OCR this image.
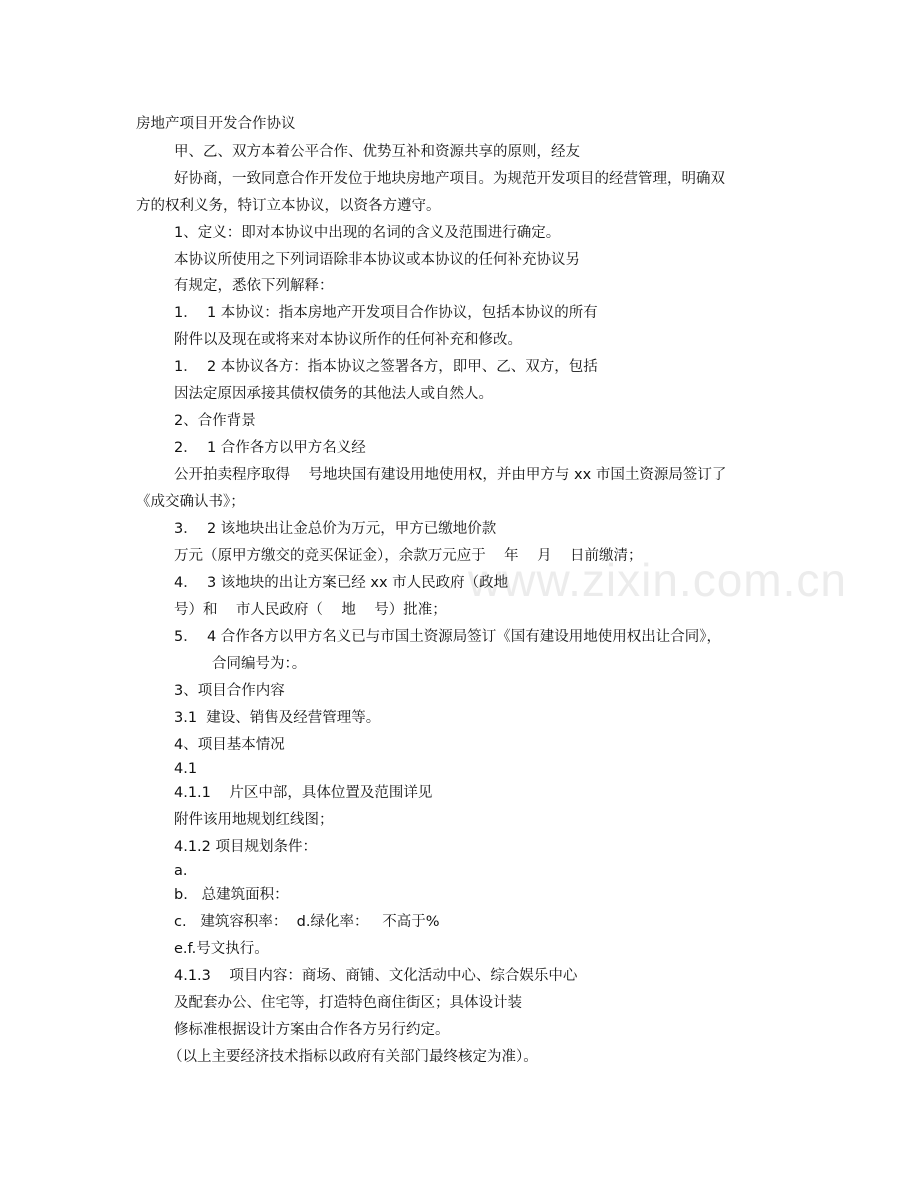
www.zixin.com.cn
房地产项目开发合作协议
甲、乙、双方本着公平合作、优势互补和资源共享的原则，经友
好协商，一致同意合作开发位于地块房地产项目。为规范开发项目的经营管理，明确双
方的权利义务，特订立本协议，以资各方遵守。
1、定义：即对本协议中出现的名词的含义及范围进行确定。
本协议所使用之下列词语除非本协议或本协议的任何补充协议另
有规定，悉依下列解释：
1．  1 本协议：指本房地产开发项目合作协议，包括本协议的所有
附件以及现在或将来对本协议所作的任何补充和修改。
1．  2 本协议各方：指本协议之签署各方，即甲、乙、双方，包括
因法定原因承接其债权债务的其他法人或自然人。
2、合作背景
2．  1 合作各方以甲方名义经
公开拍卖程序取得    号地块国有建设用地使用权，并由甲方与 xx 市国土资源局签订了
《成交确认书》；
3．  2 该地块出让金总价为万元，甲方已缴地价款
万元（原甲方缴交的竞买保证金），余款万元应于    年    月    日前缴清；
4．  3 该地块的出让方案已经 xx 市人民政府（政地
号）和    市人民政府（    地    号）批准；
5．  4 合作各方以甲方名义已与市国土资源局签订《国有建设用地使用权出让合同》，
合同编号为：。
3、项目合作内容
3.1  建设、销售及经营管理等。
4、项目基本情况
4.1
4.1.1    片区中部，具体位置及范围详见
附件该用地规划红线图；
4.1.2 项目规划条件：
a.
b.   总建筑面积：
c.   建筑容积率：  d.绿化率：   不高于%
e.f.号文执行。
4.1.3    项目内容：商场、商铺、文化活动中心、综合娱乐中心
及配套办公、住宅等，打造特色商住街区；具体设计装
修标准根据设计方案由合作各方另行约定。
（以上主要经济技术指标以政府有关部门最终核定为准）。
